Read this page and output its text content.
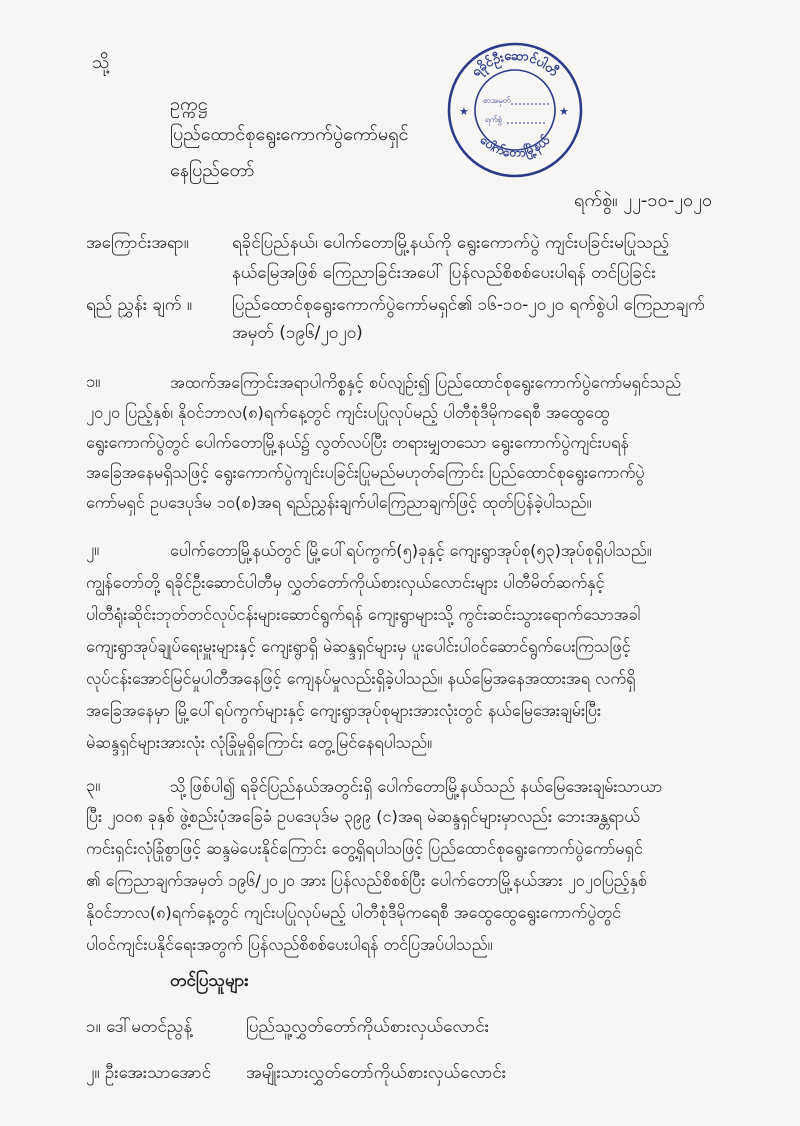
သို့
ဥက္ကဋ္ဌ
ပြည်ထောင်စုရွေးကောက်ပွဲကော်မရှင်
နေပြည်တော်
ရခိုင်ဦးဆောင်ပါတီ
ပေါက်တောမြို့နယ်
★	★
စာအမှတ်
ရက်စွဲ
ရက်စွဲ။ ၂၂-၁၀-၂၀၂၀
အကြောင်းအရာ။	ရခိုင်ပြည်နယ်၊ ပေါက်တောမြို့နယ်ကို ရွေးကောက်ပွဲ ကျင်းပခြင်းမပြုသည့်
နယ်မြေအဖြစ် ကြေညာခြင်းအပေါ် ပြန်လည်စိစစ်ပေးပါရန် တင်ပြခြင်း
ရည် ညွှန်း ချက် ။ ပြည်ထောင်စုရွေးကောက်ပွဲကော်မရှင်၏ ၁၆-၁၀-၂၀၂၀ ရက်စွဲပါ ကြေညာချက်
အမှတ် (၁၉၆/၂၀၂၀)
၁။	အထက်အကြောင်းအရာပါကိစ္စနှင့် စပ်လျဉ်း၍ ပြည်ထောင်စုရွေးကောက်ပွဲကော်မရှင်သည်
၂၀၂၀ ပြည့်နှစ်၊ နိုဝင်ဘာလ(၈)ရက်နေ့တွင် ကျင်းပပြုလုပ်မည့် ပါတီစုံဒီမိုကရေစီ အထွေထွေ
ရွေးကောက်ပွဲတွင် ပေါက်တောမြို့နယ်၌ လွတ်လပ်ပြီး တရားမျှတသော ရွေးကောက်ပွဲကျင်းပရန်
အခြေအနေမရှိသဖြင့် ရွေးကောက်ပွဲကျင်းပခြင်းပြုမည်မဟုတ်ကြောင်း ပြည်ထောင်စုရွေးကောက်ပွဲ
ကော်မရှင် ဥပဒေပုဒ်မ ၁၀(စ)အရ ရည်ညွှန်းချက်ပါကြေညာချက်ဖြင့် ထုတ်ပြန်ခဲ့ပါသည်။
၂။	ပေါက်တောမြို့နယ်တွင် မြို့ပေါ်ရပ်ကွက်(၅)ခုနှင့် ကျေးရွာအုပ်စု(၅၃)အုပ်စုရှိပါသည်။
ကျွန်တော်တို့ ရခိုင်ဦးဆောင်ပါတီမှ လွှတ်တော်ကိုယ်စားလှယ်လောင်းများ ပါတီမိတ်ဆက်နှင့်
ပါတီရုံးဆိုင်းဘုတ်တင်လုပ်ငန်းများဆောင်ရွက်ရန် ကျေးရွာများသို့ ကွင်းဆင်းသွားရောက်သောအခါ
ကျေးရွာအုပ်ချုပ်ရေးမှူးများနှင့် ကျေးရွာရှိ မဲဆန္ဒရှင်များမှ ပူးပေါင်းပါဝင်ဆောင်ရွက်ပေးကြသဖြင့်
လုပ်ငန်းအောင်မြင်မှုပါတီအနေဖြင့် ကျေနပ်မှုလည်းရှိခဲ့ပါသည်။ နယ်မြေအနေအထားအရ လက်ရှိ
အခြေအနေမှာ မြို့ပေါ်ရပ်ကွက်များနှင့် ကျေးရွာအုပ်စုများအားလုံးတွင် နယ်မြေအေးချမ်းပြီး
မဲဆန္ဒရှင်များအားလုံး လုံခြုံမှုရှိကြောင်း တွေ့မြင်နေရပါသည်။
၃။	သို့ဖြစ်ပါ၍ ရခိုင်ပြည်နယ်အတွင်းရှိ ပေါက်တောမြို့နယ်သည် နယ်မြေအေးချမ်းသာယာ
ပြီး ၂၀၀၈ ခုနှစ် ဖွဲ့စည်းပုံအခြေခံ ဥပဒေပုဒ်မ ၃၉၉ (င)အရ မဲဆန္ဒရှင်များမှာလည်း ဘေးအန္တရာယ်
ကင်းရှင်းလုံခြုံစွာဖြင့် ဆန္ဒမဲပေးနိုင်ကြောင်း တွေ့ရှိရပါသဖြင့် ပြည်ထောင်စုရွေးကောက်ပွဲကော်မရှင်
၏ ကြေညာချက်အမှတ် ၁၉၆/၂၀၂၀ အား ပြန်လည်စိစစ်ပြီး ပေါက်တောမြို့နယ်အား ၂၀၂၀ပြည့်နှစ်
နိုဝင်ဘာလ(၈)ရက်နေ့တွင် ကျင်းပပြုလုပ်မည့် ပါတီစုံဒီမိုကရေစီ အထွေထွေရွေးကောက်ပွဲတွင်
ပါဝင်ကျင်းပနိုင်ရေးအတွက် ပြန်လည်စိစစ်ပေးပါရန် တင်ပြအပ်ပါသည်။
တင်ပြသူများ
၁။ ဒေါ်မတင်ညွန့်	ပြည်သူ့လွှတ်တော်ကိုယ်စားလှယ်လောင်း
၂။ ဦးအေးသာအောင် အမျိုးသားလွှတ်တော်ကိုယ်စားလှယ်လောင်း
